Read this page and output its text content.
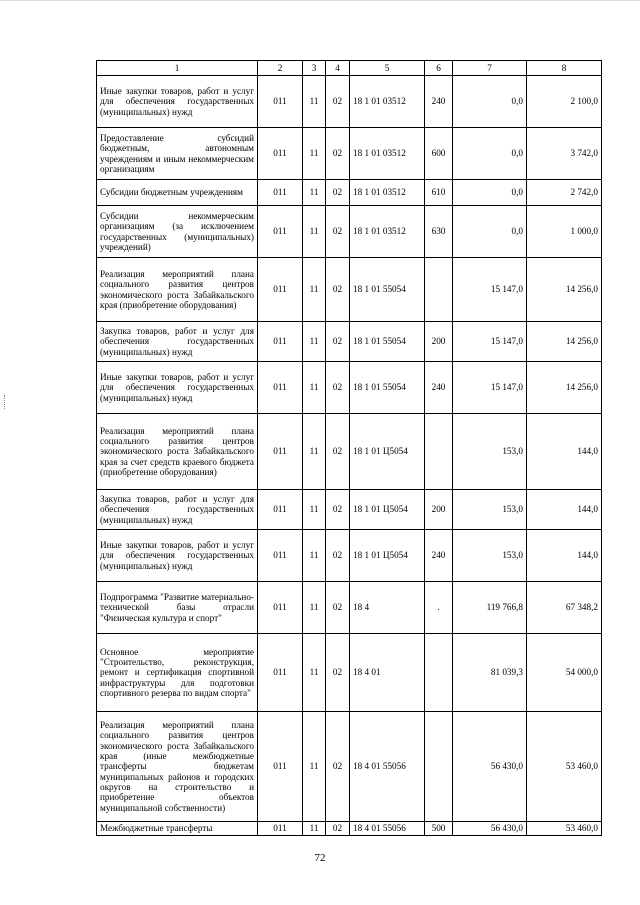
1	2	3	4	5	6	7	8
Иные закупки товаров, работ и услуг для обеспечения государственных (муниципальных) нужд	011	11	02	18 1 01 03512	240	0,0	2 100,0
Предоставление субсидий бюджетным, автономным учреждениям и иным некоммерческим организациям	011	11	02	18 1 01 03512	600	0,0	3 742,0
Субсидии бюджетным учреждениям	011	11	02	18 1 01 03512	610	0,0	2 742,0
Субсидии некоммерческим организациям (за исключением государственных (муниципальных) учреждений)	011	11	02	18 1 01 03512	630	0,0	1 000,0
Реализация мероприятий плана социального развития центров экономического роста Забайкальского края (приобретение оборудования)	011	11	02	18 1 01 55054		15 147,0	14 256,0
Закупка товаров, работ и услуг для обеспечения государственных (муниципальных) нужд	011	11	02	18 1 01 55054	200	15 147,0	14 256,0
Иные закупки товаров, работ и услуг для обеспечения государственных (муниципальных) нужд	011	11	02	18 1 01 55054	240	15 147,0	14 256,0
Реализация мероприятий плана социального развития центров экономического роста Забайкальского края за счет средств краевого бюджета (приобретение оборудования)	011	11	02	18 1 01 Ц5054		153,0	144,0
Закупка товаров, работ и услуг для обеспечения государственных (муниципальных) нужд	011	11	02	18 1 01 Ц5054	200	153,0	144,0
Иные закупки товаров, работ и услуг для обеспечения государственных (муниципальных) нужд	011	11	02	18 1 01 Ц5054	240	153,0	144,0
Подпрограмма "Развитие материально-технической базы отрасли "Физическая культура и спорт"	011	11	02	18 4	.	119 766,8	67 348,2
Основное мероприятие "Строительство, реконструкция, ремонт и сертификация спортивной инфраструктуры для подготовки спортивного резерва по видам спорта"	011	11	02	18 4 01		81 039,3	54 000,0
Реализация мероприятий плана социального развития центров экономического роста Забайкальского края (иные межбюджетные трансферты бюджетам муниципальных районов и городских округов на строительство и приобретение объектов муниципальной собственности)	011	11	02	18 4 01 55056		56 430,0	53 460,0
Межбюджетные трансферты	011	11	02	18 4 01 55056	500	56 430,0	53 460,0
72
